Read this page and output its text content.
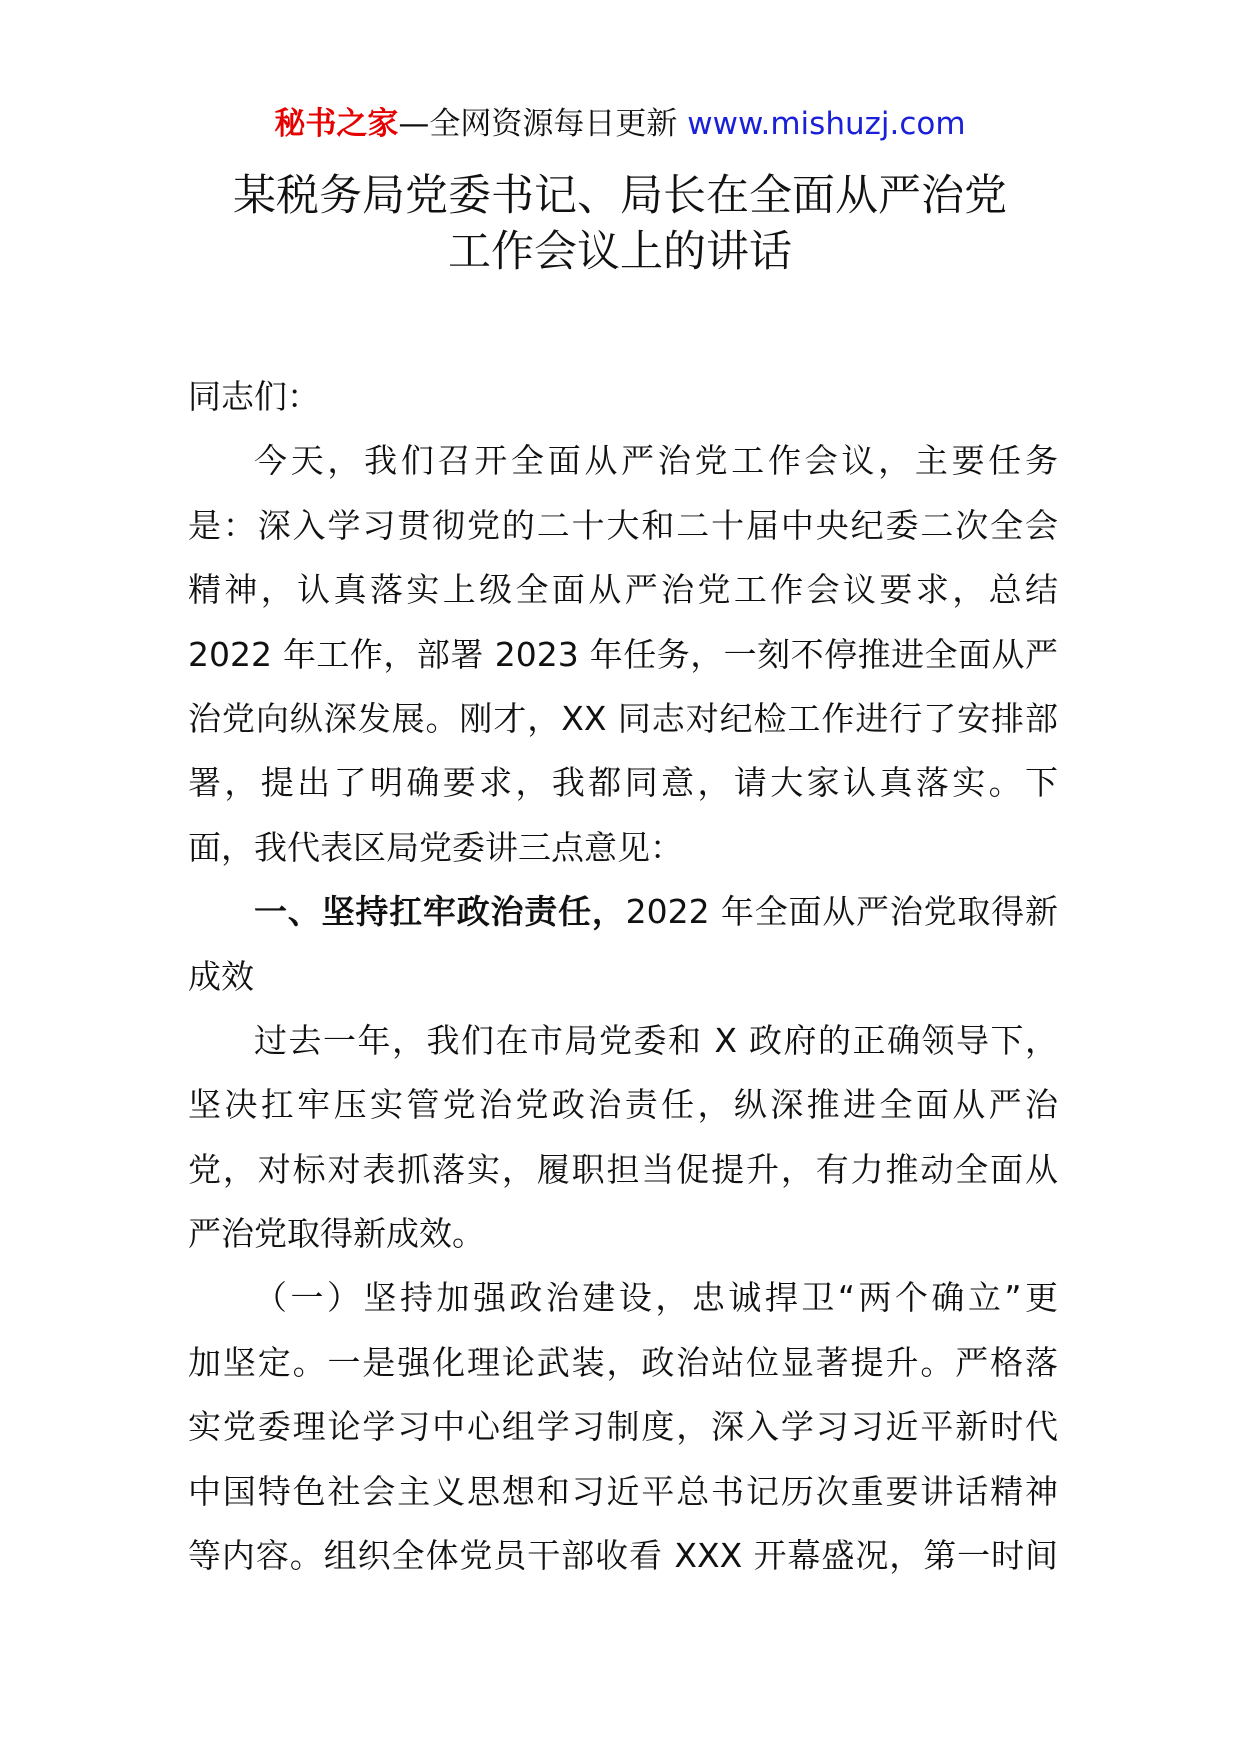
秘书之家—全网资源每日更新 www.mishuzj.com
某税务局党委书记、局长在全面从严治党
工作会议上的讲话
同志们：
今天，我们召开全面从严治党工作会议，主要任务
是：深入学习贯彻党的二十大和二十届中央纪委二次全会
精神，认真落实上级全面从严治党工作会议要求，总结
2022 年工作，部署 2023 年任务，一刻不停推进全面从严
治党向纵深发展。刚才，XX 同志对纪检工作进行了安排部
署，提出了明确要求，我都同意，请大家认真落实。下
面，我代表区局党委讲三点意见：
一、坚持扛牢政治责任，2022 年全面从严治党取得新
成效
过去一年，我们在市局党委和 X 政府的正确领导下，
坚决扛牢压实管党治党政治责任，纵深推进全面从严治
党，对标对表抓落实，履职担当促提升，有力推动全面从
严治党取得新成效。
（一）坚持加强政治建设，忠诚捍卫“两个确立”更
加坚定。一是强化理论武装，政治站位显著提升。严格落
实党委理论学习中心组学习制度，深入学习习近平新时代
中国特色社会主义思想和习近平总书记历次重要讲话精神
等内容。组织全体党员干部收看 XXX 开幕盛况，第一时间
